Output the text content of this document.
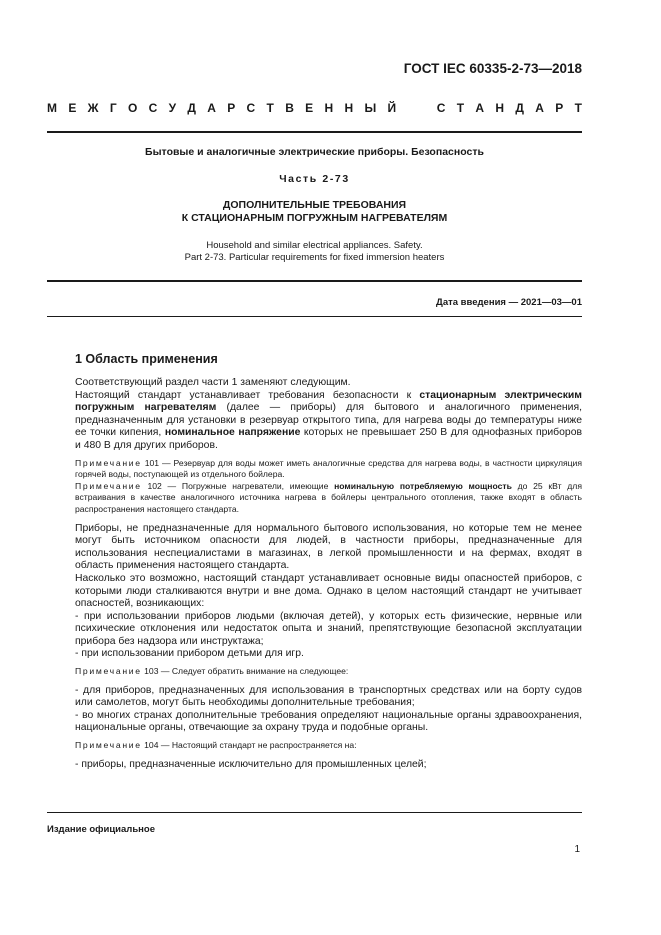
ГОСТ IEC 60335-2-73—2018
М Е Ж Г О С У Д А Р С Т В Е Н Н Ы Й

	С Т А Н Д А Р Т
Бытовые и аналогичные электрические приборы. Безопасность
Часть 2-73
ДОПОЛНИТЕЛЬНЫЕ ТРЕБОВАНИЯ
К СТАЦИОНАРНЫМ ПОГРУЖНЫМ НАГРЕВАТЕЛЯМ
Household and similar electrical appliances. Safety.
Part 2-73. Particular requirements for fixed immersion heaters
Дата введения — 2021—03—01
1 Область применения

Соответствующий раздел части 1 заменяют следующим.

Настоящий стандарт устанавливает требования безопасности к стационарным электрическим погружным нагревателям (далее — приборы) для бытового и аналогичного применения, предназначенным для установки в резервуар открытого типа, для нагрева воды до температуры ниже ее точки кипения, номинальное напряжение которых не превышает 250 В для однофазных приборов и 480 В для других приборов.

Примечание 101 — Резервуар для воды может иметь аналогичные средства для нагрева воды, в частности циркуляция горячей воды, поступающей из отдельного бойлера.

Примечание 102 — Погружные нагреватели, имеющие номинальную потребляемую мощность до 25 кВт для встраивания в качестве аналогичного источника нагрева в бойлеры центрального отопления, также входят в область распространения настоящего стандарта.

Приборы, не предназначенные для нормального бытового использования, но которые тем не менее могут быть источником опасности для людей, в частности приборы, предназначенные для использования неспециалистами в магазинах, в легкой промышленности и на фермах, входят в область применения настоящего стандарта.

Насколько это возможно, настоящий стандарт устанавливает основные виды опасностей приборов, с которыми люди сталкиваются внутри и вне дома. Однако в целом настоящий стандарт не учитывает опасностей, возникающих:

- при использовании приборов людьми (включая детей), у которых есть физические, нервные или психические отклонения или недостаток опыта и знаний, препятствующие безопасной эксплуатации прибора без надзора или инструктажа;

- при использовании прибором детьми для игр.

Примечание 103 — Следует обратить внимание на следующее:

- для приборов, предназначенных для использования в транспортных средствах или на борту судов или самолетов, могут быть необходимы дополнительные требования;

- во многих странах дополнительные требования определяют национальные органы здравоохранения, национальные органы, отвечающие за охрану труда и подобные органы.

Примечание 104 — Настоящий стандарт не распространяется на:

- приборы, предназначенные исключительно для промышленных целей;

Издание официальное
1
